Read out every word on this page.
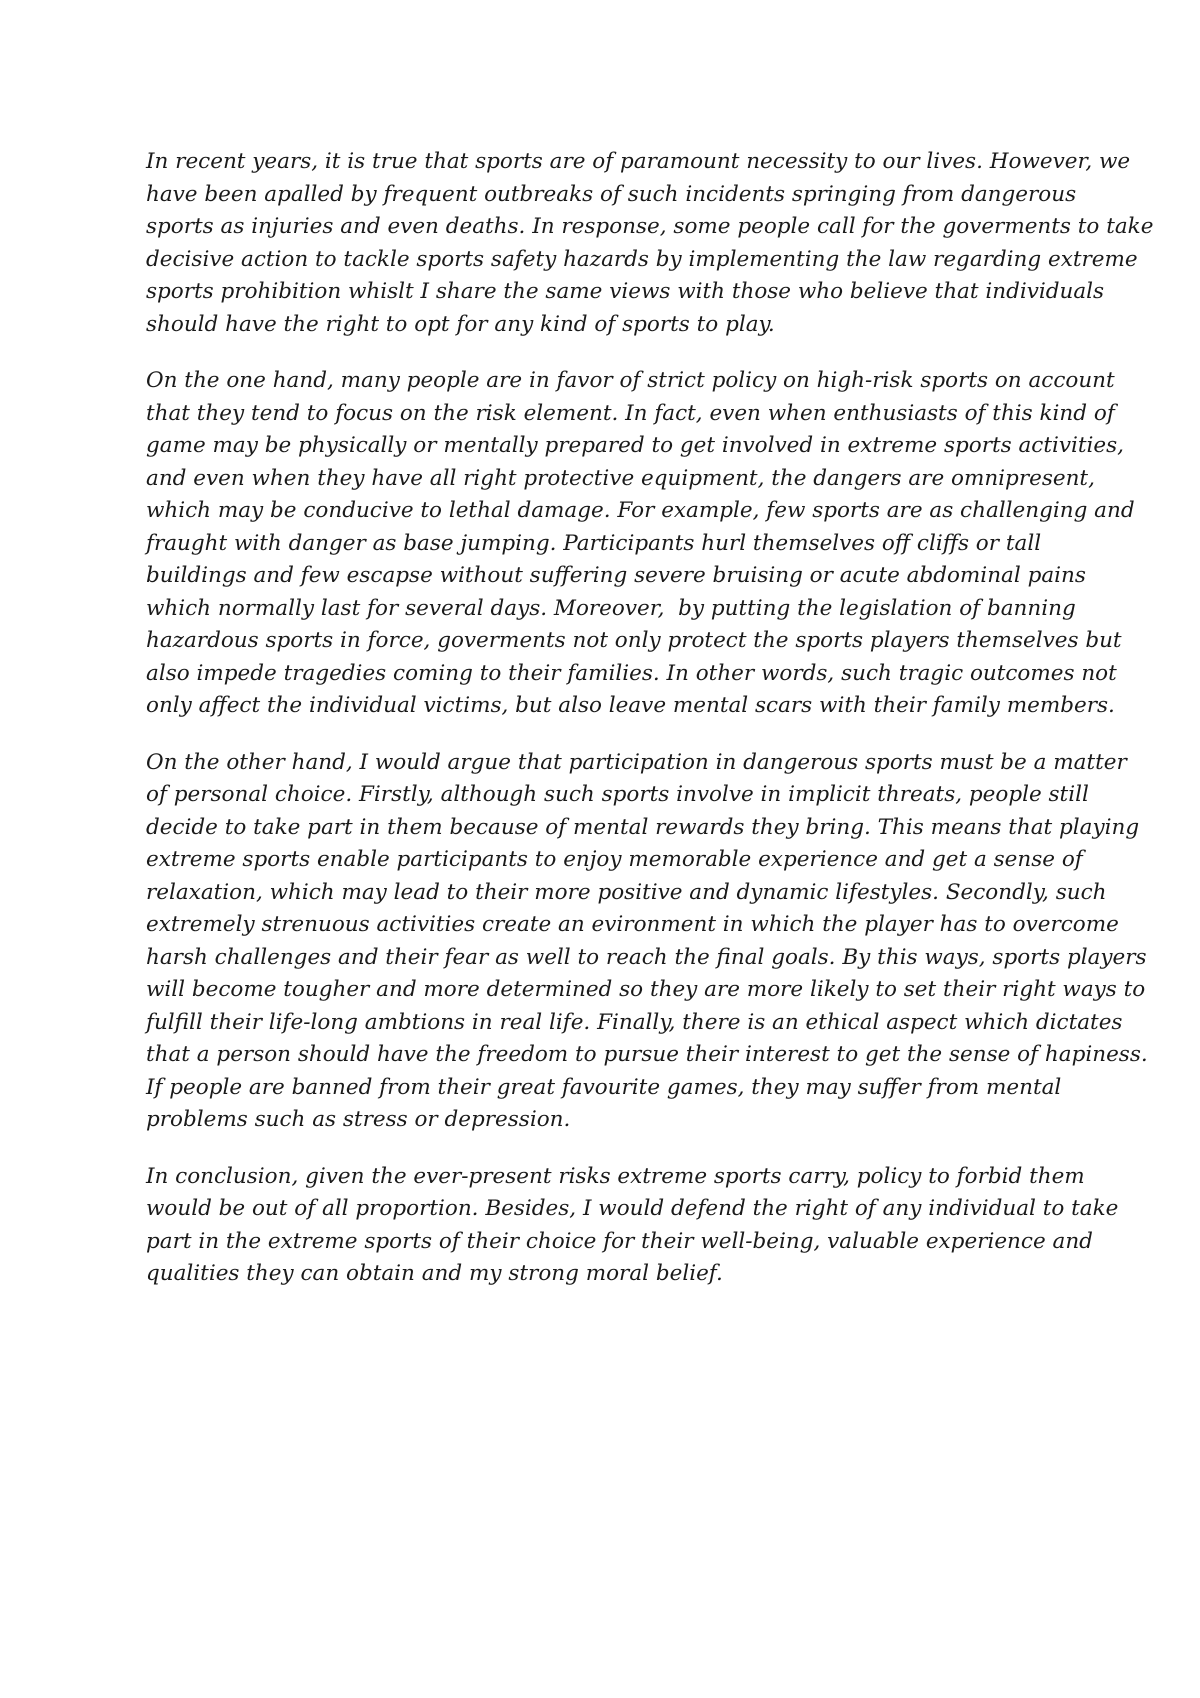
In recent years, it is true that sports are of paramount necessity to our lives. However, we
have been apalled by frequent outbreaks of such incidents springing from dangerous
sports as injuries and even deaths. In response, some people call for the goverments to take
decisive action to tackle sports safety hazards by implementing the law regarding extreme
sports prohibition whislt I share the same views with those who believe that individuals
should have the right to opt for any kind of sports to play.

On the one hand, many people are in favor of strict policy on high-risk sports on account
that they tend to focus on the risk element. In fact, even when enthusiasts of this kind of
game may be physically or mentally prepared to get involved in extreme sports activities,
and even when they have all right protective equipment, the dangers are omnipresent,
which may be conducive to lethal damage. For example, few sports are as challenging and
fraught with danger as base jumping. Participants hurl themselves off cliffs or tall
buildings and few escapse without suffering severe bruising or acute abdominal pains
which normally last for several days. Moreover,  by putting the legislation of banning
hazardous sports in force, goverments not only protect the sports players themselves but
also impede tragedies coming to their families. In other words, such tragic outcomes not
only affect the individual victims, but also leave mental scars with their family members.

On the other hand, I would argue that participation in dangerous sports must be a matter
of personal choice. Firstly, although such sports involve in implicit threats, people still
decide to take part in them because of mental rewards they bring. This means that playing
extreme sports enable participants to enjoy memorable experience and get a sense of
relaxation, which may lead to their more positive and dynamic lifestyles. Secondly, such
extremely strenuous activities create an evironment in which the player has to overcome
harsh challenges and their fear as well to reach the final goals. By this ways, sports players
will become tougher and more determined so they are more likely to set their right ways to
fulfill their life-long ambtions in real life. Finally, there is an ethical aspect which dictates
that a person should have the freedom to pursue their interest to get the sense of hapiness.
If people are banned from their great favourite games, they may suffer from mental
problems such as stress or depression.

In conclusion, given the ever-present risks extreme sports carry, policy to forbid them
would be out of all proportion. Besides, I would defend the right of any individual to take
part in the extreme sports of their choice for their well-being, valuable experience and
qualities they can obtain and my strong moral belief.
